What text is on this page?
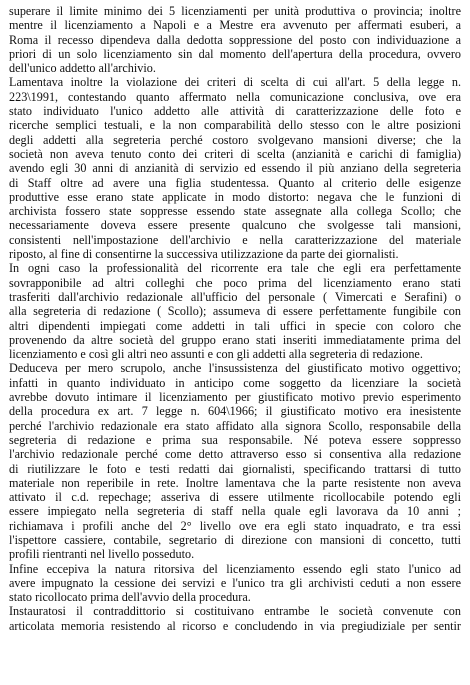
superare il limite minimo dei 5 licenziamenti per unità produttiva o provincia; inoltre
mentre il licenziamento a Napoli e a Mestre era avvenuto per affermati esuberi, a
Roma il recesso dipendeva dalla dedotta soppressione del posto con individuazione a
priori di un solo licenziamento sin dal momento dell'apertura della procedura, ovvero
dell'unico addetto all'archivio.
Lamentava inoltre la violazione dei criteri di scelta di cui all'art. 5 della legge n.
223\1991, contestando quanto affermato nella comunicazione conclusiva, ove era
stato individuato l'unico addetto alle attività di caratterizzazione delle foto e
ricerche semplici testuali, e la non comparabilità dello stesso con le altre posizioni
degli addetti alla segreteria perché costoro svolgevano mansioni diverse; che la
società non aveva tenuto conto dei criteri di scelta (anzianità e carichi di famiglia)
avendo egli 30 anni di anzianità di servizio ed essendo il più anziano della segreteria
di Staff oltre ad avere una figlia studentessa. Quanto al criterio delle esigenze
produttive esse erano state applicate in modo distorto: negava che le funzioni di
archivista fossero state soppresse essendo state assegnate alla collega Scollo; che
necessariamente doveva essere presente qualcuno che svolgesse tali mansioni,
consistenti nell'impostazione dell'archivio e nella caratterizzazione del materiale
riposto, al fine di consentirne la successiva utilizzazione da parte dei giornalisti.
In ogni caso la professionalità del ricorrente era tale che egli era perfettamente
sovrapponibile ad altri colleghi che poco prima del licenziamento erano stati
trasferiti dall'archivio redazionale all'ufficio del personale ( Vimercati e Serafini) o
alla segreteria di redazione ( Scollo); assumeva di essere perfettamente fungibile con
altri dipendenti impiegati come addetti in tali uffici in specie con coloro che
provenendo da altre società del gruppo erano stati inseriti immediatamente prima del
licenziamento e così gli altri neo assunti e con gli addetti alla segreteria di redazione.
Deduceva per mero scrupolo, anche l'insussistenza del giustificato motivo oggettivo;
infatti in quanto individuato in anticipo come soggetto da licenziare la società
avrebbe dovuto intimare il licenziamento per giustificato motivo previo esperimento
della procedura ex art. 7 legge n. 604\1966; il giustificato motivo era inesistente
perché l'archivio redazionale era stato affidato alla signora Scollo, responsabile della
segreteria di redazione e prima sua responsabile. Né poteva essere soppresso
l'archivio redazionale perché come detto attraverso esso si consentiva alla redazione
di riutilizzare le foto e testi redatti dai giornalisti, specificando trattarsi di tutto
materiale non reperibile in rete. Inoltre lamentava che la parte resistente non aveva
attivato il c.d. repechage; asseriva di essere utilmente ricollocabile potendo egli
essere impiegato nella segreteria di staff nella quale egli lavorava da 10 anni ;
richiamava i profili anche del 2° livello ove era egli stato inquadrato, e tra essi
l'ispettore cassiere, contabile, segretario di direzione con mansioni di concetto, tutti
profili rientranti nel livello posseduto.
Infine eccepiva la natura ritorsiva del licenziamento essendo egli stato l'unico ad
avere impugnato la cessione dei servizi e l'unico tra gli archivisti ceduti a non essere
stato ricollocato prima dell'avvio della procedura.
Instauratosi il contraddittorio si costituivano entrambe le società convenute con
articolata memoria resistendo al ricorso e concludendo in via pregiudiziale per sentir
